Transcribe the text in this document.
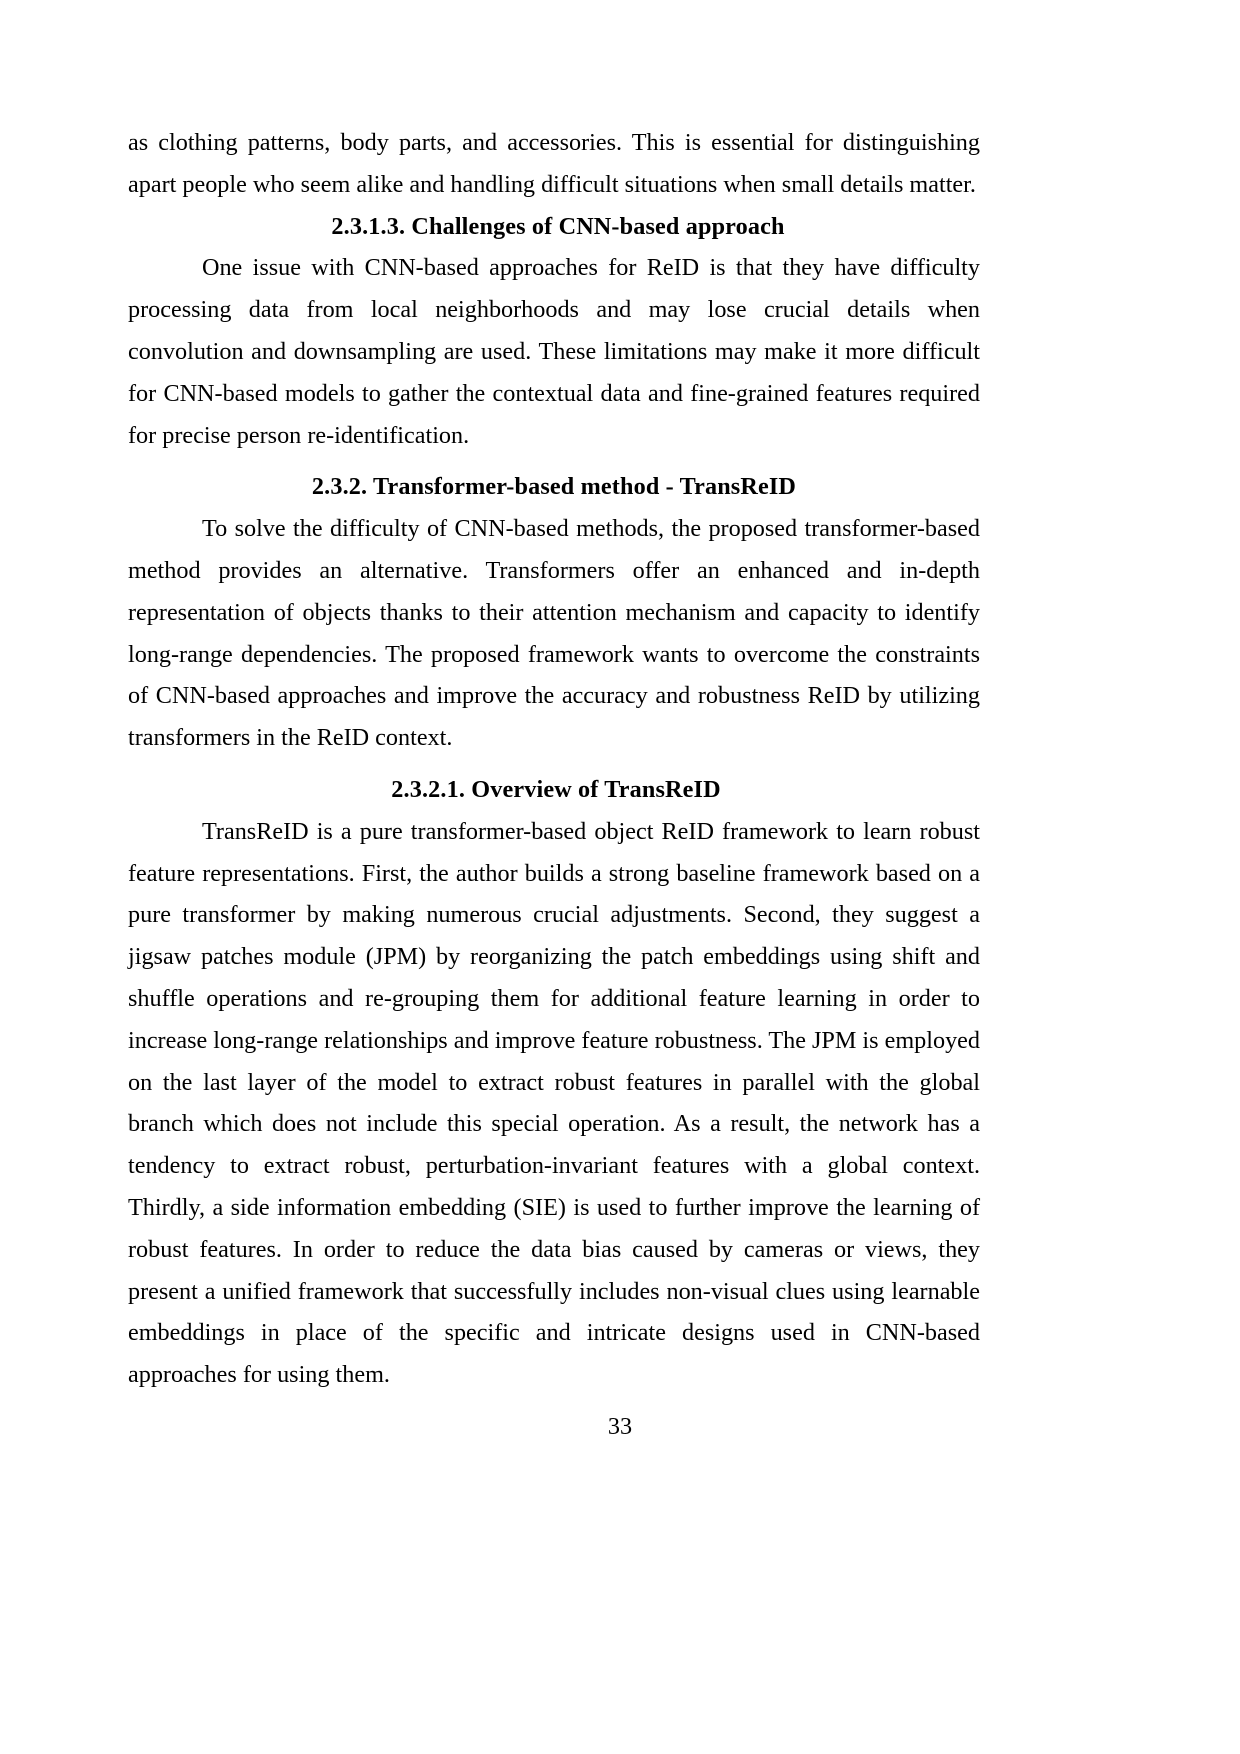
as clothing patterns, body parts, and accessories. This is essential for distinguishing apart people who seem alike and handling difficult situations when small details matter.

2.3.1.3. Challenges of CNN-based approach

One issue with CNN-based approaches for ReID is that they have difficulty processing data from local neighborhoods and may lose crucial details when convolution and downsampling are used. These limitations may make it more difficult for CNN-based models to gather the contextual data and fine-grained features required for precise person re-identification.

2.3.2. Transformer-based method - TransReID

To solve the difficulty of CNN-based methods, the proposed transformer-based method provides an alternative. Transformers offer an enhanced and in-depth representation of objects thanks to their attention mechanism and capacity to identify long-range dependencies. The proposed framework wants to overcome the constraints of CNN-based approaches and improve the accuracy and robustness ReID by utilizing transformers in the ReID context.

2.3.2.1. Overview of TransReID

TransReID is a pure transformer-based object ReID framework to learn robust feature representations. First, the author builds a strong baseline framework based on a pure transformer by making numerous crucial adjustments. Second, they suggest a jigsaw patches module (JPM) by reorganizing the patch embeddings using shift and shuffle operations and re-grouping them for additional feature learning in order to increase long-range relationships and improve feature robustness. The JPM is employed on the last layer of the model to extract robust features in parallel with the global branch which does not include this special operation. As a result, the network has a tendency to extract robust, perturbation-invariant features with a global context. Thirdly, a side information embedding (SIE) is used to further improve the learning of robust features. In order to reduce the data bias caused by cameras or views, they present a unified framework that successfully includes non-visual clues using learnable embeddings in place of the specific and intricate designs used in CNN-based approaches for using them.

33
